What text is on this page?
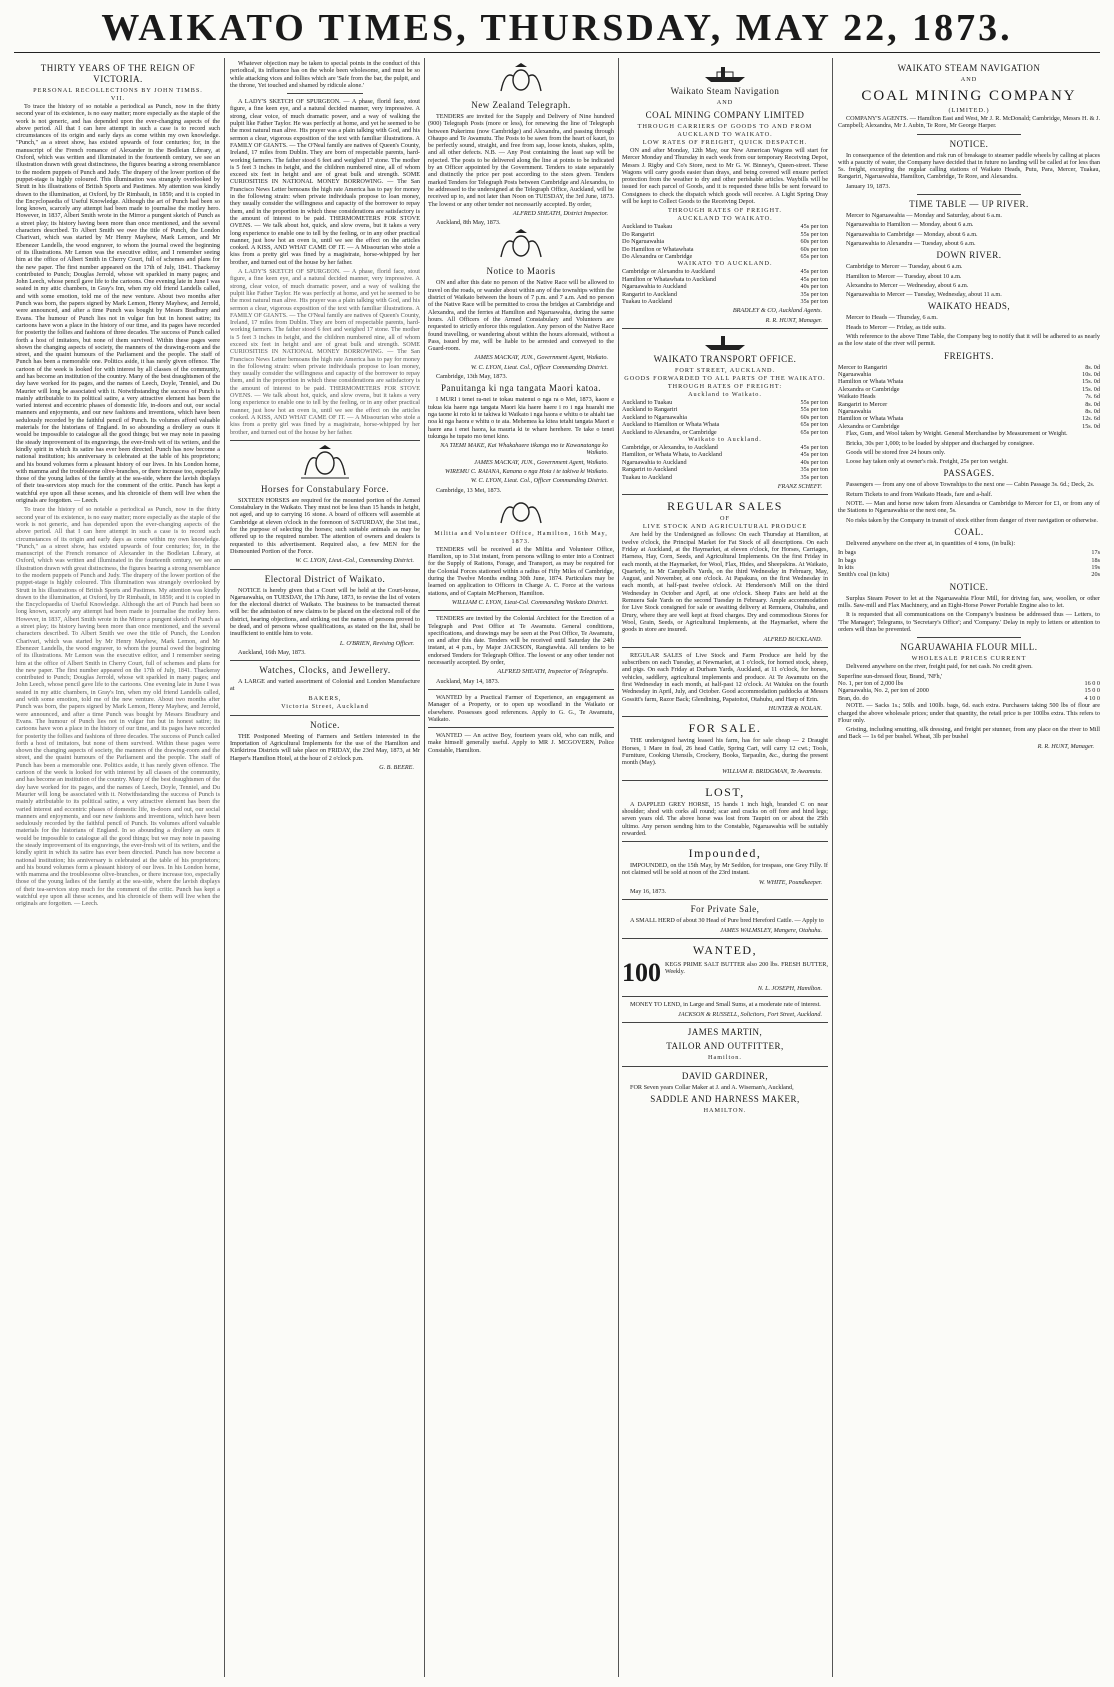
WAIKATO TIMES, THURSDAY, MAY 22, 1873.
THIRTY YEARS OF THE REIGN OF VICTORIA.
PERSONAL RECOLLECTIONS BY JOHN TIMBS.
VII.
To trace the history of so notable a periodical as Punch, now in the thirty second year of its existence, is no easy matter; more especially as the staple of the work is not generic, and has depended upon the ever-changing aspects of the above period. All that I can here attempt in such a case is to record such circumstances of its origin and early days as come within my own knowledge. "Punch," as a street show, has existed upwards of four centuries; for, in the manuscript of the French romance of Alexander in the Bodleian Library, at Oxford, which was written and illuminated in the fourteenth century, we see an illustration drawn with great distinctness, the figures bearing a strong resemblance to the modern puppets of Punch and Judy. The drapery of the lower portion of the puppet-stage is highly coloured. This illumination was strangely overlooked by Strutt in his illustrations of British Sports and Pastimes. My attention was kindly drawn to the illumination, at Oxford, by Dr Rimbault, in 1859; and it is copied in the Encyclopaedia of Useful Knowledge. Although the art of Punch had been so long known, scarcely any attempt had been made to journalise the motley hero. However, in 1837, Albert Smith wrote in the Mirror a pungent sketch of Punch as a street play; its history having been more than once mentioned, and the several characters described. To Albert Smith we owe the title of Punch, the London Charivari, which was started by Mr Henry Mayhew, Mark Lemon, and Mr Ebenezer Landells, the wood engraver, to whom the journal owed the beginning of its illustrations. Mr Lemon was the executive editor, and I remember seeing him at the office of Albert Smith in Cherry Court, full of schemes and plans for the new paper. The first number appeared on the 17th of July, 1841. Thackeray contributed to Punch; Douglas Jerrold, whose wit sparkled in many pages; and John Leech, whose pencil gave life to the cartoons. One evening late in June I was seated in my attic chambers, in Gray's Inn, when my old friend Landells called, and with some emotion, told me of the new venture. About two months after Punch was born, the papers signed by Mark Lemon, Henry Mayhew, and Jerrold, were announced, and after a time Punch was bought by Messrs Bradbury and Evans. The humour of Punch lies not in vulgar fun but in honest satire; its cartoons have won a place in the history of our time, and its pages have recorded for posterity the follies and fashions of three decades. The success of Punch called forth a host of imitators, but none of them survived. Within these pages were shown the changing aspects of society, the manners of the drawing-room and the street, and the quaint humours of the Parliament and the people. The staff of Punch has been a memorable one. Politics aside, it has rarely given offence. The cartoon of the week is looked for with interest by all classes of the community, and has become an institution of the country. Many of the best draughtsmen of the day have worked for its pages, and the names of Leech, Doyle, Tenniel, and Du Maurier will long be associated with it. Notwithstanding the success of Punch is mainly attributable to its political satire, a very attractive element has been the varied interest and eccentric phases of domestic life, in-doors and out, our social manners and enjoyments, and our new fashions and inventions, which have been sedulously recorded by the faithful pencil of Punch. Its volumes afford valuable materials for the historians of England. In so abounding a drollery as ours it would be impossible to catalogue all the good things; but we may note in passing the steady improvement of its engravings, the ever-fresh wit of its writers, and the kindly spirit in which its satire has ever been directed. Punch has now become a national institution; his anniversary is celebrated at the table of his proprietors; and his bound volumes form a pleasant history of our lives. In his London home, with mamma and the troublesome olive-branches, or there increase too, especially those of the young ladies of the family at the sea-side, where the lavish displays of their tea-services stop much for the comment of the critic. Punch has kept a watchful eye upon all these scenes, and his chronicle of them will live when the originals are forgotten. — Leech.
To trace the history of so notable a periodical as Punch, now in the thirty second year of its existence, is no easy matter; more especially as the staple of the work is not generic, and has depended upon the ever-changing aspects of the above period. All that I can here attempt in such a case is to record such circumstances of its origin and early days as come within my own knowledge. "Punch," as a street show, has existed upwards of four centuries; for, in the manuscript of the French romance of Alexander in the Bodleian Library, at Oxford, which was written and illuminated in the fourteenth century, we see an illustration drawn with great distinctness, the figures bearing a strong resemblance to the modern puppets of Punch and Judy. The drapery of the lower portion of the puppet-stage is highly coloured. This illumination was strangely overlooked by Strutt in his illustrations of British Sports and Pastimes. My attention was kindly drawn to the illumination, at Oxford, by Dr Rimbault, in 1859; and it is copied in the Encyclopaedia of Useful Knowledge. Although the art of Punch had been so long known, scarcely any attempt had been made to journalise the motley hero. However, in 1837, Albert Smith wrote in the Mirror a pungent sketch of Punch as a street play; its history having been more than once mentioned, and the several characters described. To Albert Smith we owe the title of Punch, the London Charivari, which was started by Mr Henry Mayhew, Mark Lemon, and Mr Ebenezer Landells, the wood engraver, to whom the journal owed the beginning of its illustrations. Mr Lemon was the executive editor, and I remember seeing him at the office of Albert Smith in Cherry Court, full of schemes and plans for the new paper. The first number appeared on the 17th of July, 1841. Thackeray contributed to Punch; Douglas Jerrold, whose wit sparkled in many pages; and John Leech, whose pencil gave life to the cartoons. One evening late in June I was seated in my attic chambers, in Gray's Inn, when my old friend Landells called, and with some emotion, told me of the new venture. About two months after Punch was born, the papers signed by Mark Lemon, Henry Mayhew, and Jerrold, were announced, and after a time Punch was bought by Messrs Bradbury and Evans. The humour of Punch lies not in vulgar fun but in honest satire; its cartoons have won a place in the history of our time, and its pages have recorded for posterity the follies and fashions of three decades. The success of Punch called forth a host of imitators, but none of them survived. Within these pages were shown the changing aspects of society, the manners of the drawing-room and the street, and the quaint humours of the Parliament and the people. The staff of Punch has been a memorable one. Politics aside, it has rarely given offence. The cartoon of the week is looked for with interest by all classes of the community, and has become an institution of the country. Many of the best draughtsmen of the day have worked for its pages, and the names of Leech, Doyle, Tenniel, and Du Maurier will long be associated with it. Notwithstanding the success of Punch is mainly attributable to its political satire, a very attractive element has been the varied interest and eccentric phases of domestic life, in-doors and out, our social manners and enjoyments, and our new fashions and inventions, which have been sedulously recorded by the faithful pencil of Punch. Its volumes afford valuable materials for the historians of England. In so abounding a drollery as ours it would be impossible to catalogue all the good things; but we may note in passing the steady improvement of its engravings, the ever-fresh wit of its writers, and the kindly spirit in which its satire has ever been directed. Punch has now become a national institution; his anniversary is celebrated at the table of his proprietors; and his bound volumes form a pleasant history of our lives. In his London home, with mamma and the troublesome olive-branches, or there increase too, especially those of the young ladies of the family at the sea-side, where the lavish displays of their tea-services stop much for the comment of the critic. Punch has kept a watchful eye upon all these scenes, and his chronicle of them will live when the originals are forgotten. — Leech.
Whatever objection may be taken to special points in the conduct of this periodical, its influence has on the whole been wholesome, and must be so while attacking vices and follies which are 'Safe from the bar, the pulpit, and the throne, Yet touched and shamed by ridicule alone.'
A LADY'S SKETCH OF SPURGEON. — A phase, florid face, stout figure, a fine keen eye, and a natural decided manner, very impressive. A strong, clear voice, of much dramatic power, and a way of walking the pulpit like Father Taylor. He was perfectly at home, and yet he seemed to be the most natural man alive. His prayer was a plain talking with God, and his sermon a clear, vigorous exposition of the text with familiar illustrations. A FAMILY OF GIANTS. — The O'Neal family are natives of Queen's County, Ireland, 17 miles from Dublin. They are born of respectable parents, hard-working farmers. The father stood 6 feet and weighed 17 stone. The mother is 5 feet 3 inches in height, and the children numbered nine, all of whom exceed six feet in height and are of great bulk and strength. SOME CURIOSITIES IN NATIONAL MONEY BORROWING. — The San Francisco News Letter bemoans the high rate America has to pay for money in the following strain: when private individuals propose to loan money, they usually consider the willingness and capacity of the borrower to repay them, and in the proportion in which these considerations are satisfactory is the amount of interest to be paid. THERMOMETERS FOR STOVE OVENS. — We talk about hot, quick, and slow ovens, but it takes a very long experience to enable one to tell by the feeling, or in any other practical manner, just how hot an oven is, until we see the effect on the articles cooked. A KISS, AND WHAT CAME OF IT. — A Missourian who stole a kiss from a pretty girl was fined by a magistrate, horse-whipped by her brother, and turned out of the house by her father.
A LADY'S SKETCH OF SPURGEON. — A phase, florid face, stout figure, a fine keen eye, and a natural decided manner, very impressive. A strong, clear voice, of much dramatic power, and a way of walking the pulpit like Father Taylor. He was perfectly at home, and yet he seemed to be the most natural man alive. His prayer was a plain talking with God, and his sermon a clear, vigorous exposition of the text with familiar illustrations. A FAMILY OF GIANTS. — The O'Neal family are natives of Queen's County, Ireland, 17 miles from Dublin. They are born of respectable parents, hard-working farmers. The father stood 6 feet and weighed 17 stone. The mother is 5 feet 3 inches in height, and the children numbered nine, all of whom exceed six feet in height and are of great bulk and strength. SOME CURIOSITIES IN NATIONAL MONEY BORROWING. — The San Francisco News Letter bemoans the high rate America has to pay for money in the following strain: when private individuals propose to loan money, they usually consider the willingness and capacity of the borrower to repay them, and in the proportion in which these considerations are satisfactory is the amount of interest to be paid. THERMOMETERS FOR STOVE OVENS. — We talk about hot, quick, and slow ovens, but it takes a very long experience to enable one to tell by the feeling, or in any other practical manner, just how hot an oven is, until we see the effect on the articles cooked. A KISS, AND WHAT CAME OF IT. — A Missourian who stole a kiss from a pretty girl was fined by a magistrate, horse-whipped by her brother, and turned out of the house by her father.
Horses for Constabulary Force.
SIXTEEN HORSES are required for the mounted portion of the Armed Constabulary in the Waikato. They must not be less than 15 hands in height, not aged, and up to carrying 16 stone. A board of officers will assemble at Cambridge at eleven o'clock in the forenoon of SATURDAY, the 31st inst., for the purpose of selecting the horses; such suitable animals as may be offered up to the required number. The attention of owners and dealers is requested to this advertisement. Required also, a few MEN for the Dismounted Portion of the Force.
W. C. LYON, Lieut.-Col., Commanding District.
Electoral District of Waikato.
NOTICE is hereby given that a Court will be held at the Court-house, Ngaruawahia, on TUESDAY, the 17th June, 1873, to revise the list of voters for the electoral district of Waikato. The business to be transacted thereat will be: the admission of new claims to be placed on the electoral roll of the district, hearing objections, and striking out the names of persons proved to be dead, and of persons whose qualifications, as stated on the list, shall be insufficient to entitle him to vote.
L. O'BRIEN, Revising Officer.
Auckland, 16th May, 1873.
Watches, Clocks, and Jewellery.
A LARGE and varied assortment of Colonial and London Manufacture at
BAKERS,
Victoria Street, Auckland
Notice.
THE Postponed Meeting of Farmers and Settlers interested in the Importation of Agricultural Implements for the use of the Hamilton and Kirikiriroa Districts will take place on FRIDAY, the 23rd May, 1873, at Mr Harper's Hamilton Hotel, at the hour of 2 o'clock p.m.
G. B. BEERE.
New Zealand Telegraph.
TENDERS are invited for the Supply and Delivery of Nine hundred (900) Telegraph Posts (more or less), for renewing the line of Telegraph between Pukerimu (now Cambridge) and Alexandra, and passing through Ohaupo and Te Awamutu. The Posts to be sawn from the heart of kauri, to be perfectly sound, straight, and free from sap, loose knots, shakes, splits, and all other defects. N.B. — Any Post containing the least sap will be rejected. The posts to be delivered along the line at points to be indicated by an Officer appointed by the Government. Tenders to state separately and distinctly the price per post according to the sizes given. Tenders marked Tenders for Telegraph Posts between Cambridge and Alexandra, to be addressed to the undersigned at the Telegraph Office, Auckland, will be received up to, and not later than Noon on TUESDAY, the 3rd June, 1873. The lowest or any other tender not necessarily accepted. By order,
ALFRED SHEATH, District Inspector.
Auckland, 8th May, 1873.
Notice to Maoris
ON and after this date no person of the Native Race will be allowed to travel on the roads, or wander about within any of the townships within the district of Waikato between the hours of 7 p.m. and 7 a.m. And no person of the Native Race will be permitted to cross the bridges at Cambridge and Alexandra, and the ferries at Hamilton and Ngaruawahia, during the same hours. All Officers of the Armed Constabulary and Volunteers are requested to strictly enforce this regulation. Any person of the Native Race found travelling, or wandering about within the hours aforesaid, without a Pass, issued by me, will be liable to be arrested and conveyed to the Guard-room.
JAMES MACKAY, JUN., Government Agent, Waikato.
W. C. LYON, Lieut. Col., Officer Commanding District.
Cambridge, 13th May, 1873.
Panuitanga ki nga tangata Maori katoa.
I MURI i tenei ra-nei te tokau matenui o nga ra o Mei, 1873, kaore e tukua kia haere nga tangata Maori kia haere haere i ro i nga huarahi me nga taone ki roto ki te takiwa ki Waikato i nga haora e whitu o te ahiahi tae noa ki nga haora e whitu o te ata. Mehemea ka kitea tetahi tangata Maori e haere ana i enei haora, ka mauria ki te whare herehere. Te take o tenei tukunga he tupato mo tenei kino.
NA TIEMI MAKE, Kai Whakahaere tikanga mo te Kawanatanga ko Waikato.
JAMES MACKAY, JUN., Government Agent, Waikato.
WIREMU C. RAIANA, Kanana o nga Hoia i te takiwa ki Waikato.
W. C. LYON, Lieut. Col., Officer Commanding District.
Cambridge, 13 Mei, 1873.
Militia and Volunteer Office, Hamilton, 16th May, 1873.
TENDERS will be received at the Militia and Volunteer Office, Hamilton, up to 31st instant, from persons willing to enter into a Contract for the Supply of Rations, Forage, and Transport, as may be required for the Colonial Forces stationed within a radius of Fifty Miles of Cambridge, during the Twelve Months ending 30th June, 1874. Particulars may be learned on application to Officers in Charge A. C. Force at the various stations, and of Captain McPherson, Hamilton.
WILLIAM C. LYON, Lieut-Col. Commanding Waikato District.
TENDERS are invited by the Colonial Architect for the Erection of a Telegraph and Post Office at Te Awamutu. General conditions, specifications, and drawings may be seen at the Post Office, Te Awamutu, on and after this date. Tenders will be received until Saturday the 24th instant, at 4 p.m., by Major JACKSON, Rangiawhia. All tenders to be endorsed Tenders for Telegraph Office. The lowest or any other tender not necessarily accepted. By order,
ALFRED SHEATH, Inspector of Telegraphs.
Auckland, May 14, 1873.
WANTED by a Practical Farmer of Experience, an engagement as Manager of a Property, or to open up woodland in the Waikato or elsewhere. Possesses good references. Apply to G. G., Te Awamutu, Waikato.
WANTED — An active Boy, fourteen years old, who can milk, and make himself generally useful. Apply to MR J. MCGOVERN, Police Constable, Hamilton.
Waikato Steam Navigation
AND
COAL MINING COMPANY LIMITED
THROUGH CARRIERS OF GOODS TO AND FROM AUCKLAND TO WAIKATO.
LOW RATES OF FREIGHT, QUICK DESPATCH.
ON and after Monday, 12th May, our New American Wagons will start for Mercer Monday and Thursday in each week from our temporary Receiving Depot, Messrs J. Rigby and Co's Store, next to Mr G. W. Binney's, Queen-street. These Wagons will carry goods easier than drays, and being covered will ensure perfect protection from the weather to dry and other perishable articles. Waybills will be issued for each parcel of Goods, and it is requested these bills be sent forward to Consignees to check the dispatch which goods will receive. A Light Spring Dray will be kept to Collect Goods to the Receiving Depot.
THROUGH RATES OF FREIGHT.
AUCKLAND TO WAIKATO.
Auckland to Tuakau	45s per ton
Do Rangariri	55s per ton
Do Ngaruawahia	60s per ton
Do Hamilton or Whatawhata	60s per ton
Do Alexandra or Cambridge	65s per ton
WAIKATO TO AUCKLAND.
Cambridge or Alexandra to Auckland	45s per ton
Hamilton or Whatawhata to Auckland	45s per ton
Ngaruawahia to Auckland	40s per ton
Rangariri to Auckland	35s per ton
Tuakau to Auckland	35s per ton
BRADLEY & CO, Auckland Agents.
R. R. HUNT, Manager.
WAIKATO TRANSPORT OFFICE.
FORT STREET, AUCKLAND.
GOODS FORWARDED TO ALL PARTS OF THE WAIKATO.
THROUGH RATES OF FREIGHT:
Auckland to Waikato.
Auckland to Tuakau	55s per ton
Auckland to Rangariri	55s per ton
Auckland to Ngaruawahia	60s per ton
Auckland to Hamilton or Whata Whata	65s per ton
Auckland to Alexandra, or Cambridge	65s per ton
Waikato to Auckland.
Cambridge, or Alexandra, to Auckland	45s per ton
Hamilton, or Whata Whata, to Auckland	45s per ton
Ngaruawahia to Auckland	40s per ton
Rangariri to Auckland	35s per ton
Tuakau to Auckland	35s per ton
FRANZ SCHEFF.
REGULAR SALES
OF
LIVE STOCK AND AGRICULTURAL PRODUCE
Are held by the Undersigned as follows: On each Thursday at Hamilton, at twelve o'clock, the Principal Market for Fat Stock of all descriptions. On each Friday at Auckland, at the Haymarket, at eleven o'clock, for Horses, Carriages, Harness, Hay, Corn, Seeds, and Agricultural Implements. On the first Friday in each month, at the Haymarket, for Wool, Flax, Hides, and Sheepskins. At Waikato, Quarterly, in Mr Campbell's Yards, on the third Wednesday in February, May, August, and November, at one o'clock. At Papakura, on the first Wednesday in each month, at half-past twelve o'clock. At Henderson's Mill on the third Wednesday in October and April, at one o'clock. Sheep Fairs are held at the Remuera Sale Yards on the second Tuesday in February. Ample accommodation for Live Stock consigned for sale or awaiting delivery at Remuera, Otahuhu, and Drury, where they are well kept at fixed charges. Dry and commodious Stores for Wool, Grain, Seeds, or Agricultural Implements, at the Haymarket, where the goods in store are insured.
ALFRED BUCKLAND.
REGULAR SALES of Live Stock and Farm Produce are held by the subscribers on each Tuesday, at Newmarket, at 1 o'clock, for horned stock, sheep, and pigs. On each Friday at Durham Yards, Auckland, at 11 o'clock, for horses, vehicles, saddlery, agricultural implements and produce. At Te Awamutu on the first Wednesday in each month, at half-past 12 o'clock. At Waiuku on the fourth Wednesday in April, July, and October. Good accommodation paddocks at Messrs Gossitt's farm, Razor Back; Glendining, Papatoitoi, Otahuhu, and Harp of Erin.
HUNTER & NOLAN.
FOR SALE.
THE undersigned having leased his farm, has for sale cheap — 2 Draught Horses, 1 Mare in foal, 26 head Cattle, Spring Cart, will carry 12 cwt.; Tools, Furniture, Cooking Utensils, Crockery, Books, Tarpaulin, &c., during the present month (May).
WILLIAM R. BRIDGMAN, Te Awamutu.
LOST,
A DAPPLED GREY HORSE, 15 hands 1 inch high, branded C on near shoulder; shod with corks all round; scar and cracks on off fore and hind legs; seven years old. The above horse was lost from Taupiri on or about the 25th ultimo. Any person sending him to the Constable, Ngaruawahia will be suitably rewarded.
Impounded,
IMPOUNDED, on the 15th May, by Mr Seddon, for trespass, one Grey Filly. If not claimed will be sold at noon of the 23rd instant.
W. WHITE, Poundkeeper.
May 16, 1873.
For Private Sale,
A SMALL HERD of about 30 Head of Pure bred Hereford Cattle. — Apply to
JAMES WALMSLEY, Mangere, Otahuhu.
WANTED,
100 KEGS PRIME SALT BUTTER also 200 lbs. FRESH BUTTER, Weekly.
N. L. JOSEPH, Hamilton.
MONEY TO LEND, in Large and Small Sums, at a moderate rate of interest.
JACKSON & RUSSELL, Solicitors, Fort Street, Auckland.
JAMES MARTIN,
TAILOR AND OUTFITTER,
Hamilton.
DAVID GARDINER,
FOR Seven years Collar Maker at J. and A. Wiseman's, Auckland,
SADDLE AND HARNESS MAKER,
HAMILTON.
WAIKATO STEAM NAVIGATION
AND
COAL MINING COMPANY
(LIMITED.)
COMPANY'S AGENTS. — Hamilton East and West, Mr J. R. McDonald; Cambridge, Messrs H. & J. Campbell; Alexandra, Mr J. Aubin, Te Rore, Mr George Harper.
NOTICE.
In consequence of the detention and risk run of breakage to steamer paddle wheels by calling at places with a paucity of water, the Company have decided that in future no landing will be called at for less than 5s. freight, excepting the regular calling stations of Waikato Heads, Putu, Para, Mercer, Tuakau, Rangariri, Ngaruawahia, Hamilton, Cambridge, Te Rore, and Alexandra.
January 19, 1873.
TIME TABLE — UP RIVER.
Mercer to Ngaruawahia — Monday and Saturday, about 6 a.m.
Ngaruawahia to Hamilton — Monday, about 6 a.m.
Ngaruawahia to Cambridge — Monday, about 6 a.m.
Ngaruawahia to Alexandra — Tuesday, about 6 a.m.
DOWN RIVER.
Cambridge to Mercer — Tuesday, about 6 a.m.
Hamilton to Mercer — Tuesday, about 10 a.m.
Alexandra to Mercer — Wednesday, about 6 a.m.
Ngaruawahia to Mercer — Tuesday, Wednesday, about 11 a.m.
WAIKATO HEADS,
Mercer to Heads — Thursday, 6 a.m.
Heads to Mercer — Friday, as tide suits.
With reference to the above Time Table, the Company beg to notify that it will be adhered to as nearly as the low state of the river will permit.
FREIGHTS.
Mercer to Rangariri	8s. 0d
Ngaruawahia	10s. 0d
Hamilton or Whata Whata	15s. 0d
Alexandra or Cambridge	15s. 0d
Waikato Heads	7s. 6d
Rangariri to Mercer	8s. 0d
Ngaruawahia	8s. 0d
Hamilton or Whata Whata	12s. 6d
Alexandra or Cambridge	15s. 0d
Flax, Gum, and Wool taken by Weight. General Merchandise by Measurement or Weight.
Bricks, 30s per 1,000; to be loaded by shipper and discharged by consignee.
Goods will be stored free 24 hours only.
Loose hay taken only at owner's risk. Freight, 25s per ton weight.
PASSAGES.
Passengers — from any one of above Townships to the next one — Cabin Passage 3s. 6d.; Deck, 2s.
Return Tickets to and from Waikato Heads, fare and a-half.
NOTE. — Man and horse now taken from Alexandra or Cambridge to Mercer for £1, or from any of the Stations to Ngaruawahia or the next one, 5s.
No risks taken by the Company in transit of stock either from danger of river navigation or otherwise.
COAL.
Delivered anywhere on the river at, in quantities of 4 tons, (in bulk):
In bags	17s
In bags	18s
In kits	19s
Smith's coal (in kits)	20s
NOTICE.
Surplus Steam Power to let at the Ngaruawahia Flour Mill, for driving fan, saw, woollen, or other mills. Saw-mill and Flax Machinery, and an Eight-Horse Power Portable Engine also to let.
It is requested that all communications on the Company's business be addressed thus — Letters, to 'The Manager'; Telegrams, to 'Secretary's Office'; and 'Company.' Delay in reply to letters or attention to orders will thus be prevented.
NGARUAWAHIA FLOUR MILL.
WHOLESALE PRICES CURRENT
Delivered anywhere on the river, freight paid, for net cash. No credit given.
Superfine sun-dressed flour, Brand, 'NFh,'	
No. 1, per ton of 2,000 lbs	16 0 0
Ngaruawahia, No. 2, per ton of 2000	15 0 0
Bran, do. do	4 10 0
NOTE. — Sacks 1s.; 50lb. and 100lb. bags, 6d. each extra. Purchasers taking 500 lbs of flour are charged the above wholesale prices; under that quantity, the retail price is per 100lbs extra. This refers to Flour only.
Gristing, including smutting, silk dressing, and freight per stunner, from any place on the river to Mill and Back — 1s 6d per bushel. Wheat, 3lb per bushel
R. R. HUNT, Manager.
